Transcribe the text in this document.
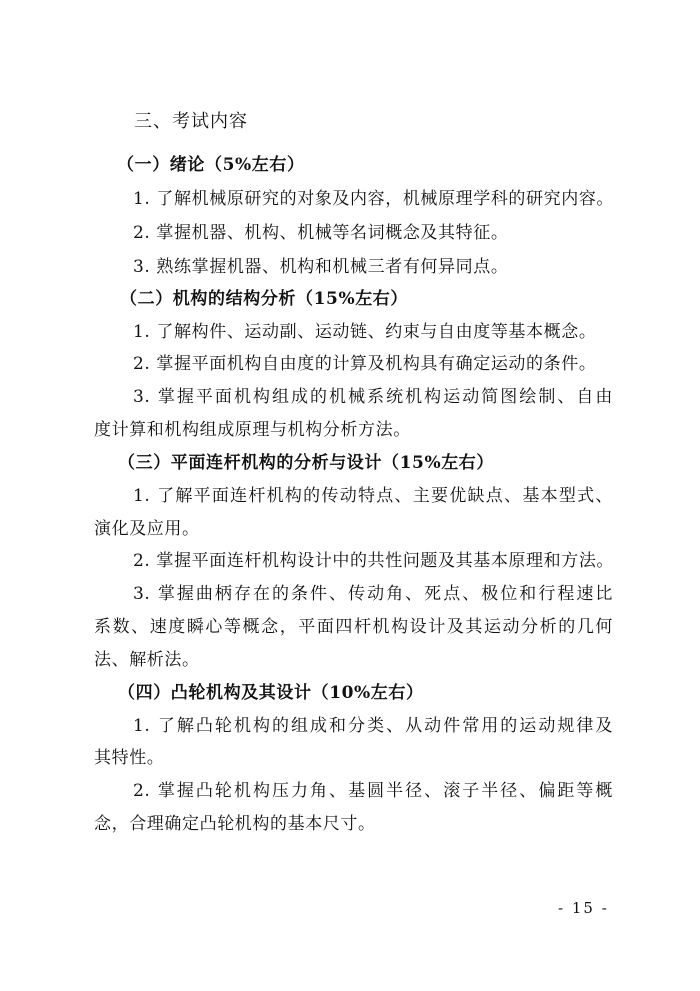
三、考试内容
（一）绪论（5%左右）
1. 了解机械原研究的对象及内容，机械原理学科的研究内容。
2. 掌握机器、机构、机械等名词概念及其特征。
3. 熟练掌握机器、机构和机械三者有何异同点。
（二）机构的结构分析（15%左右）
1. 了解构件、运动副、运动链、约束与自由度等基本概念。
2. 掌握平面机构自由度的计算及机构具有确定运动的条件。
3. 掌握平面机构组成的机械系统机构运动简图绘制、自由
度计算和机构组成原理与机构分析方法。
（三）平面连杆机构的分析与设计（15%左右）
1. 了解平面连杆机构的传动特点、主要优缺点、基本型式、
演化及应用。
2. 掌握平面连杆机构设计中的共性问题及其基本原理和方法。
3. 掌握曲柄存在的条件、传动角、死点、极位和行程速比
系数、速度瞬心等概念，平面四杆机构设计及其运动分析的几何
法、解析法。
（四）凸轮机构及其设计（10%左右）
1. 了解凸轮机构的组成和分类、从动件常用的运动规律及
其特性。
2. 掌握凸轮机构压力角、基圆半径、滚子半径、偏距等概
念，合理确定凸轮机构的基本尺寸。
- 15 -
